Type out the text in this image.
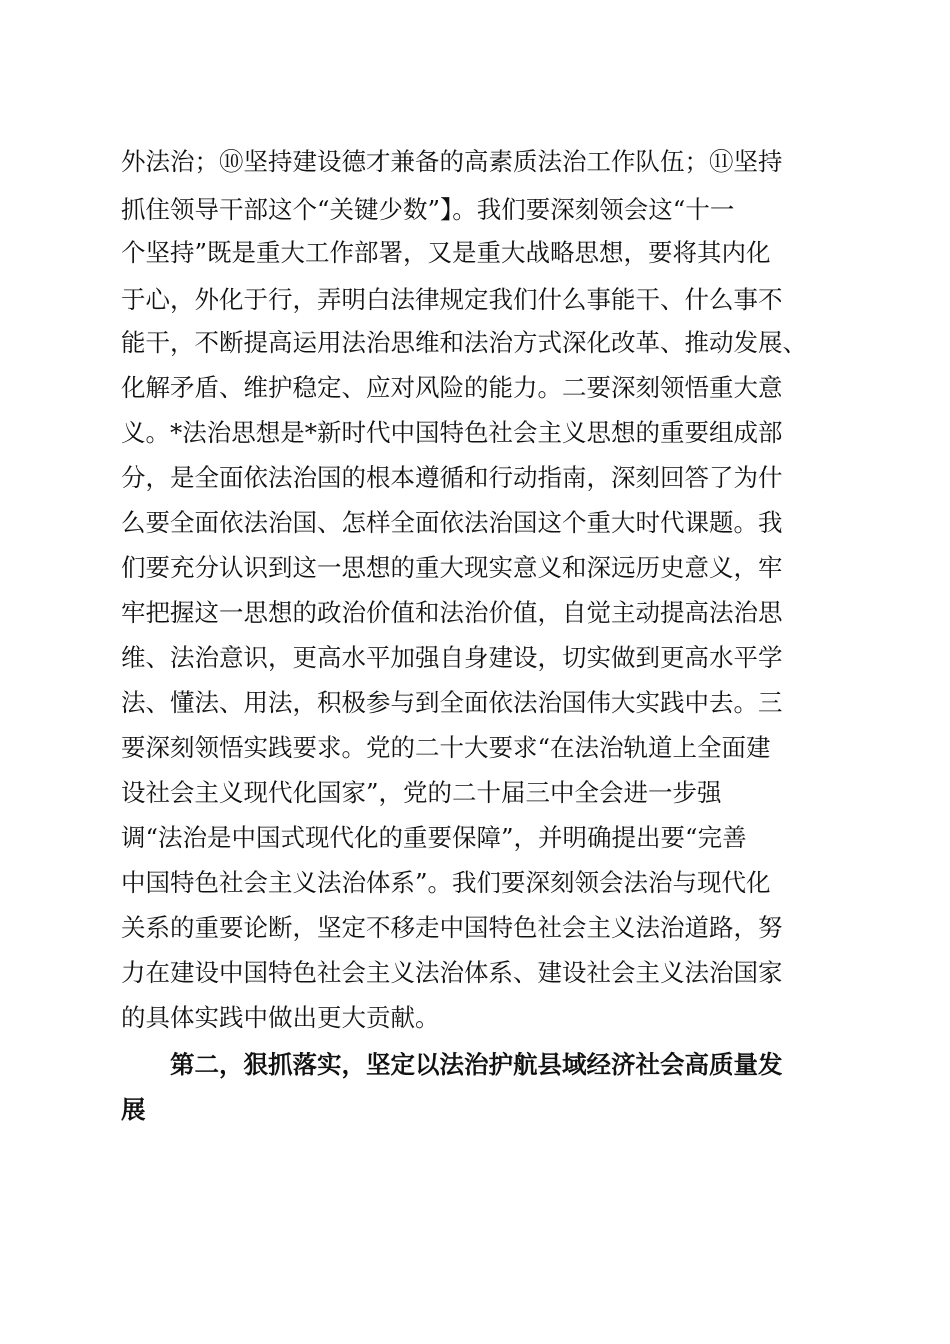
外法治；⑩坚持建设德才兼备的高素质法治工作队伍；⑪坚持
抓住领导干部这个“关键少数”】。我们要深刻领会这“十一
个坚持”既是重大工作部署，又是重大战略思想，要将其内化
于心，外化于行，弄明白法律规定我们什么事能干、什么事不
能干，不断提高运用法治思维和法治方式深化改革、推动发展、
化解矛盾、维护稳定、应对风险的能力。二要深刻领悟重大意
义。*法治思想是*新时代中国特色社会主义思想的重要组成部
分，是全面依法治国的根本遵循和行动指南，深刻回答了为什
么要全面依法治国、怎样全面依法治国这个重大时代课题。我
们要充分认识到这一思想的重大现实意义和深远历史意义，牢
牢把握这一思想的政治价值和法治价值，自觉主动提高法治思
维、法治意识，更高水平加强自身建设，切实做到更高水平学
法、懂法、用法，积极参与到全面依法治国伟大实践中去。三
要深刻领悟实践要求。党的二十大要求“在法治轨道上全面建
设社会主义现代化国家”，党的二十届三中全会进一步强
调“法治是中国式现代化的重要保障”，并明确提出要“完善
中国特色社会主义法治体系”。我们要深刻领会法治与现代化
关系的重要论断，坚定不移走中国特色社会主义法治道路，努
力在建设中国特色社会主义法治体系、建设社会主义法治国家
的具体实践中做出更大贡献。
第二，狠抓落实，坚定以法治护航县域经济社会高质量发
展
